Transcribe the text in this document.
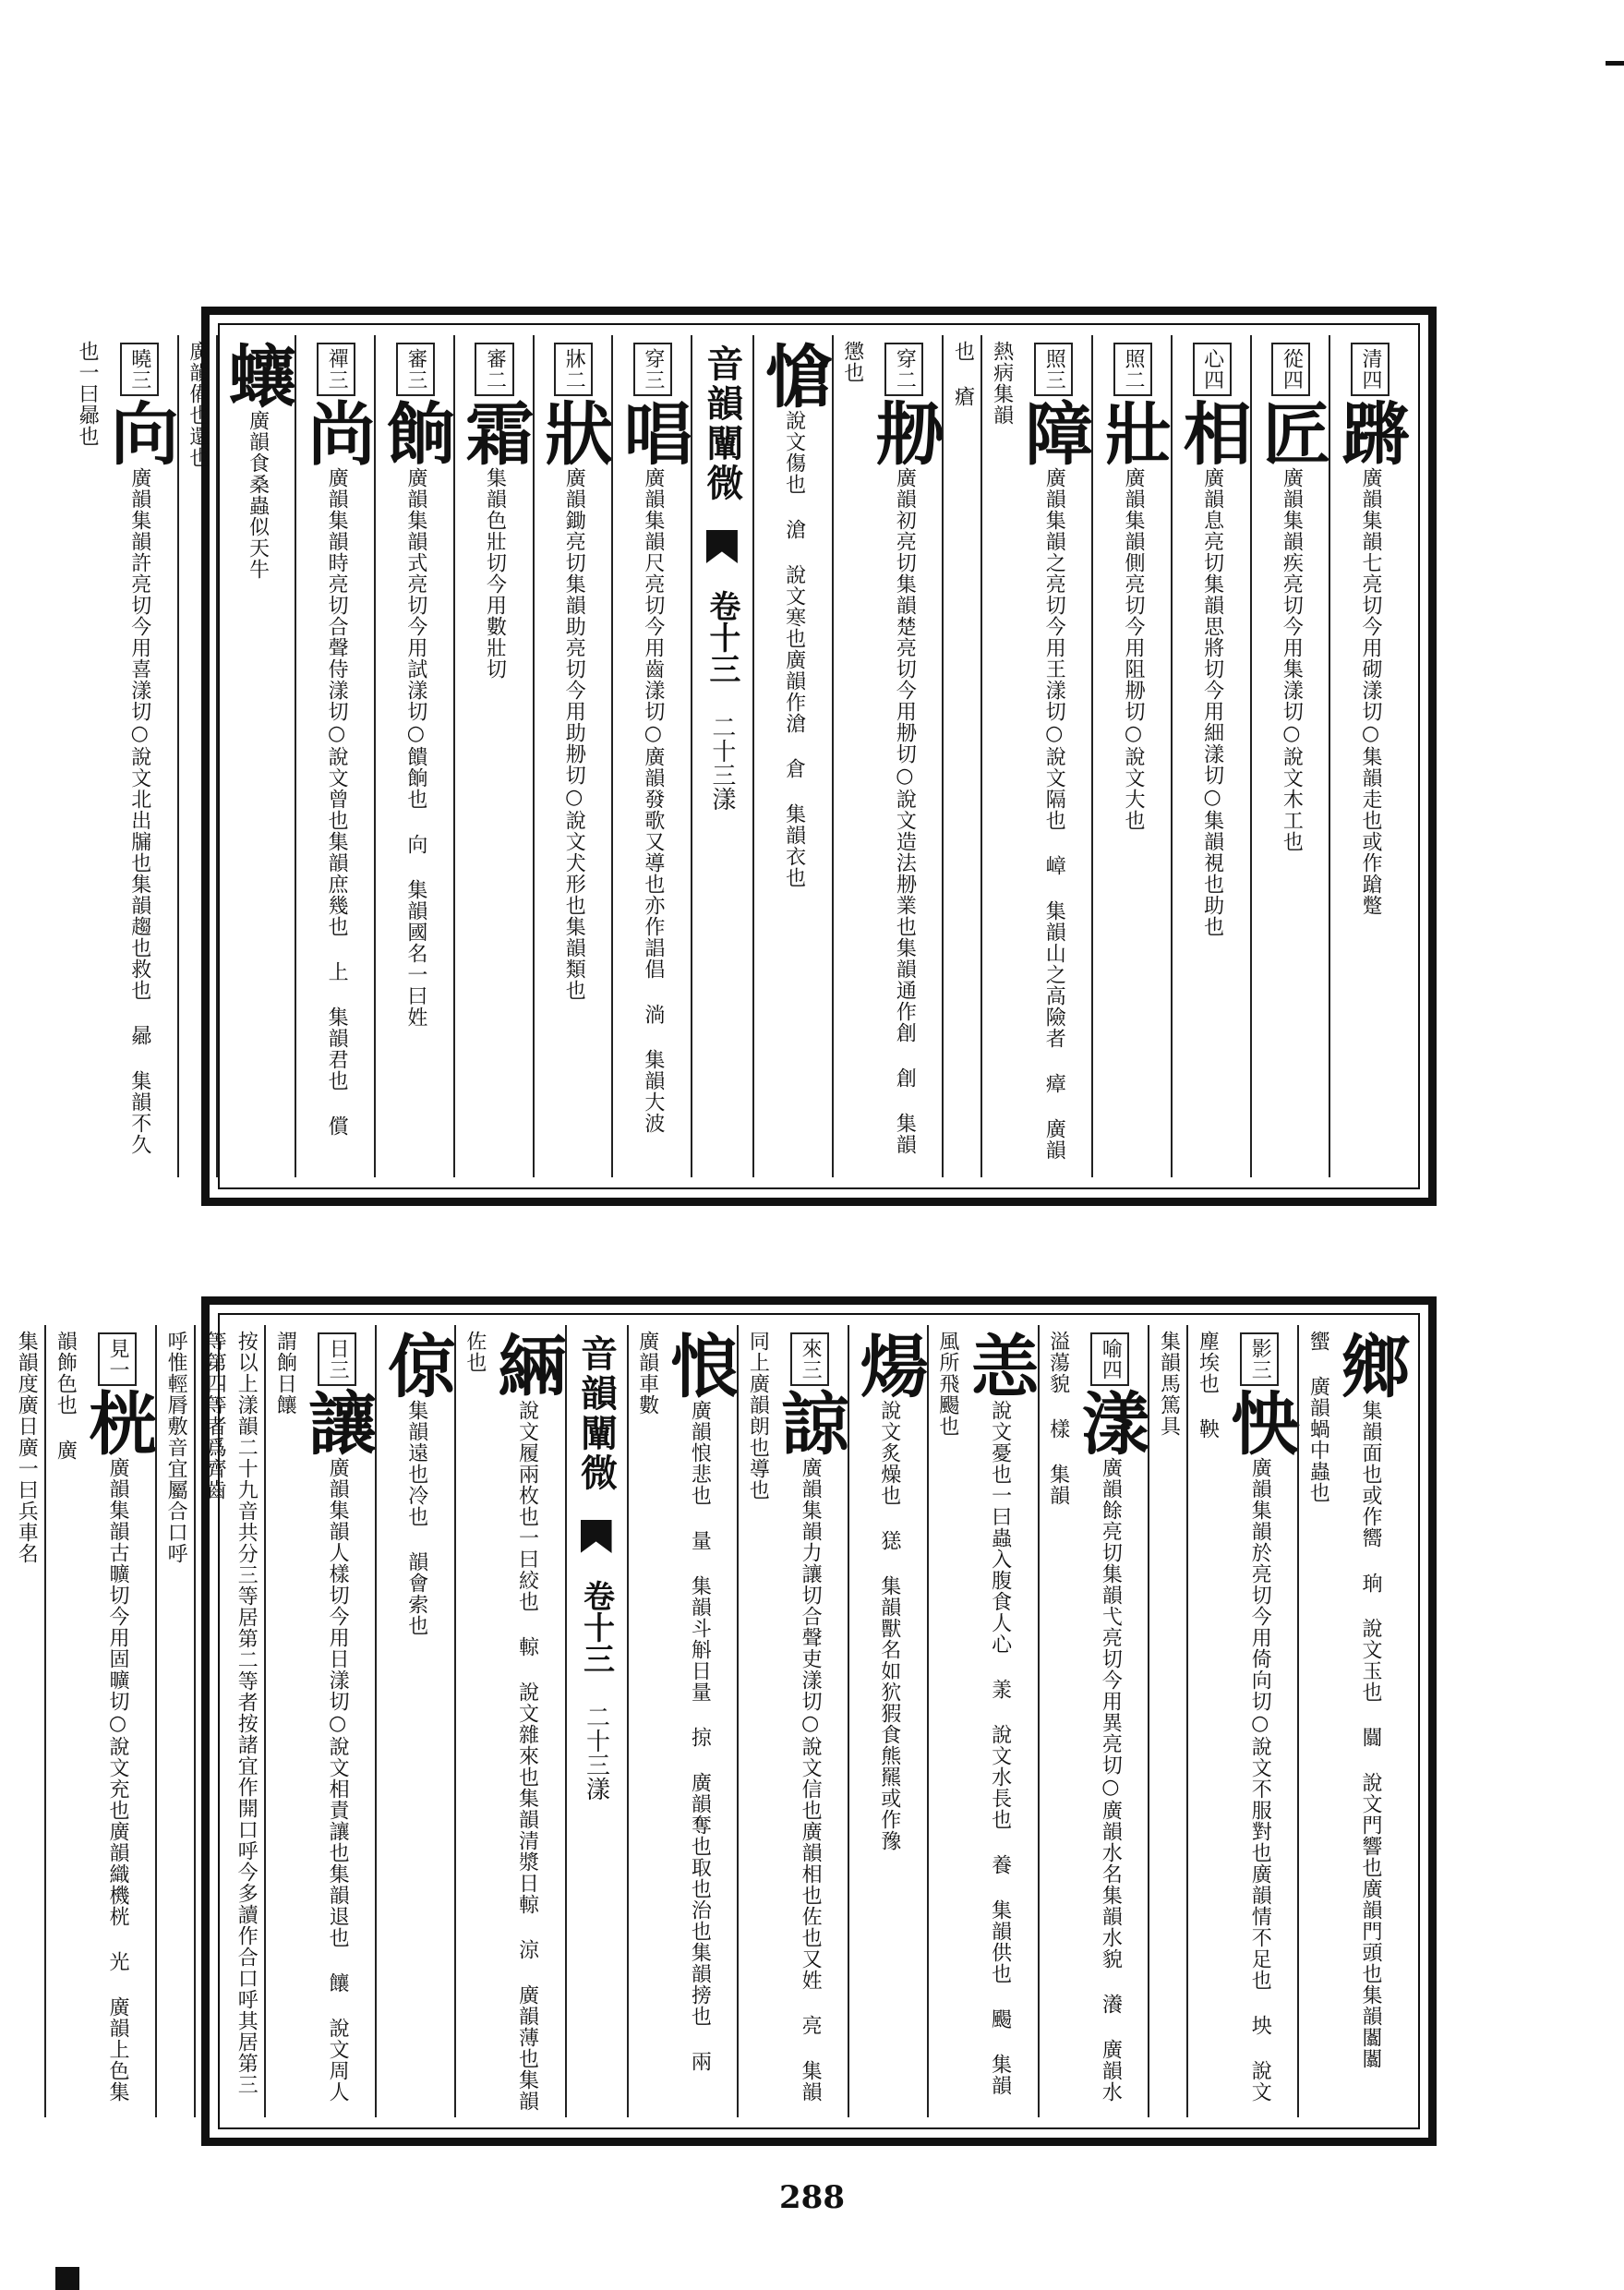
清四蹡廣韻集韻七亮切今用砌漾切○集韻走也或作蹌蹩
從四匠廣韻集韻疾亮切今用集漾切○說文木工也
心四相廣韻息亮切集韻思將切今用細漾切○集韻視也助也
照二壯廣韻集韻側亮切今用阻刱切○說文大也
照三障廣韻集韻之亮切今用王漾切○說文隔也 嶂 集韻山之高險者 瘴 廣韻熱病集韻
也 瘡
穿二刱廣韻初亮切集韻楚亮切今用刱切○說文造法刱業也集韻通作創 創 集韻懲也
愴說文傷也 滄 說文寒也廣韻作滄 倉 集韻衣也
音韻闡微  卷十三 二十三漾
穿三唱廣韻集韻尺亮切今用齒漾切○廣韻發歌又導也亦作誯倡 淌 集韻大波
牀二狀廣韻鋤亮切集韻助亮切今用助刱切○說文犬形也集韻類也
審二霜集韻色壯切今用數壯切
審三餉廣韻集韻式亮切今用試漾切○饋餉也 向 集韻國名一曰姓
禪三尚廣韻集韻時亮切合聲侍漾切○說文曾也集韻庶幾也 上 集韻君也 償
蠰廣韻食桑蟲似天牛
廣韻備也還也
曉三向廣韻集韻許亮切今用喜漾切○說文北出牖也集韻趨也救也 曏 集韻不久也一曰曏也
鄉集韻面也或作嚮 珦 說文玉也 闒 說文門響也廣韻門頭也集韻闟闟 蠁 廣韻蝸中蟲也
影三怏廣韻集韻於亮切今用倚向切○說文不服對也廣韻情不足也 坱 說文塵埃也 鞅
集韻馬篤具
喻四漾廣韻餘亮切集韻弋亮切今用異亮切○廣韻水名集韻水貌 瀁 廣韻水溢蕩貌 樣 集韻
恙說文憂也一曰蟲入腹食人心 羕 說文水長也 養 集韻供也 颺 集韻風所飛颺也
煬說文炙燥也 㺊 集韻獸名如狖猳食熊羆或作豫
來三諒廣韻集韻力讓切合聲吏漾切○說文信也廣韻相也佐也又姓 亮 集韻同上廣韻朗也導也
悢廣韻悢悲也 量 集韻斗斛日量 掠 廣韻奪也取也治也集韻搒也 兩 廣韻車數
音韻闡微  卷十三 二十三漾
緉說文履兩枚也一曰絞也 輬 說文雜來也集韻清漿日輬 涼 廣韻薄也集韻佐也
倞集韻遠也冷也 韻會索也
日三讓廣韻集韻人樣切今用日漾切○說文相責讓也集韻退也 饟 說文周人謂餉日饟
按以上漾韻二十九音共分三等居第二等者按諸宜作開口呼今多讀作合口呼其居第三等第四等者爲齊齒
呼惟輕脣敷音宜屬合口呼
見一桄廣韻集韻古曠切今用固曠切○說文充也廣韻織機桄 光 廣韻上色集韻飾色也 廣
集韻度廣日廣一曰兵車名
288
